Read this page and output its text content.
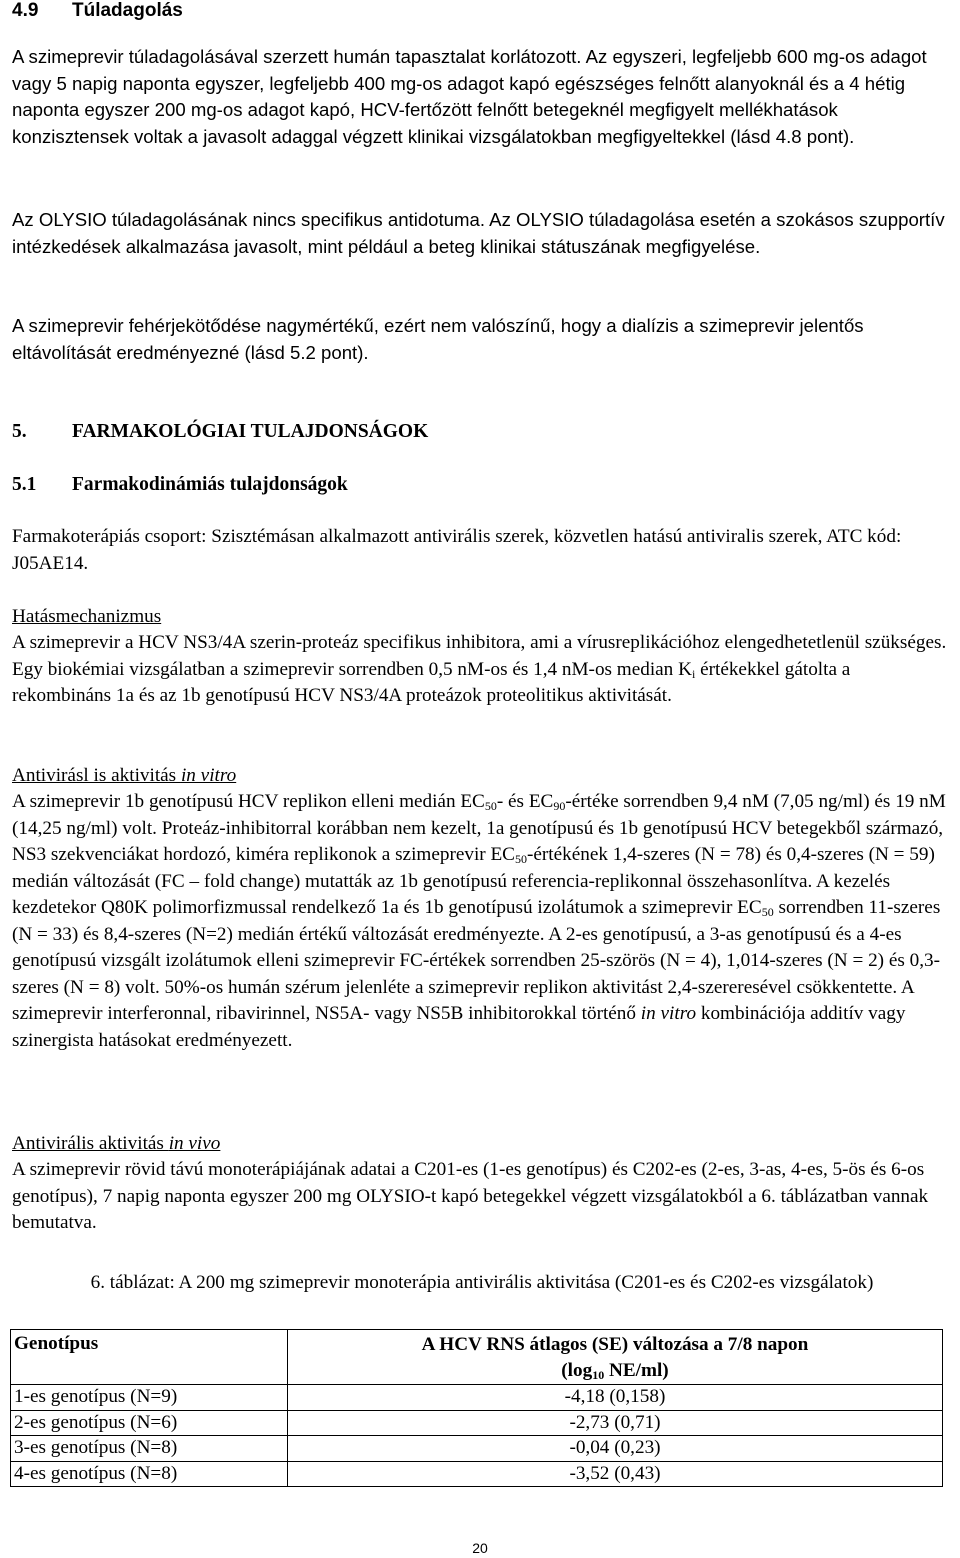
4.9 Túladagolás

A szimeprevir túladagolásával szerzett humán tapasztalat korlátozott. Az egyszeri, legfeljebb 600 mg-os adagot vagy 5 napig naponta egyszer, legfeljebb 400 mg-os adagot kapó egészséges felnőtt alanyoknál és a 4 hétig naponta egyszer 200 mg-os adagot kapó, HCV-fertőzött felnőtt betegeknél megfigyelt mellékhatások konzisztensek voltak a javasolt adaggal végzett klinikai vizsgálatokban megfigyeltekkel (lásd 4.8 pont).

Az OLYSIO túladagolásának nincs specifikus antidotuma. Az OLYSIO túladagolása esetén a szokásos szupportív intézkedések alkalmazása javasolt, mint például a beteg klinikai státuszának megfigyelése.

A szimeprevir fehérjekötődése nagymértékű, ezért nem valószínű, hogy a dialízis a szimeprevir jelentős eltávolítását eredményezné (lásd 5.2 pont).

5. FARMAKOLÓGIAI TULAJDONSÁGOK
5.1 Farmakodinámiás tulajdonságok

Farmakoterápiás csoport: Szisztémásan alkalmazott antivirális szerek, közvetlen hatású antiviralis szerek, ATC kód: J05AE14.

Hatásmechanizmus

A szimeprevir a HCV NS3/4A szerin-proteáz specifikus inhibitora, ami a vírusreplikációhoz elengedhetetlenül szükséges. Egy biokémiai vizsgálatban a szimeprevir sorrendben 0,5 nM-os és 1,4 nM-os median $K_i$ értékekkel gátolta a rekombináns 1a és az 1b genotípusú HCV NS3/4A proteázok proteolitikus aktivitását.

Antivirásl is aktivitás in vitro

A szimeprevir 1b genotípusú HCV replikon elleni medián $EC_{50}-$ és $EC_{90}$-értéke sorrendben 9,4 nM (7,05 ng/ml) és 19 nM (14,25 ng/ml) volt. Proteáz-inhibitorral korábban nem kezelt, 1a genotípusú és 1b genotípusú HCV betegekből származó, NS3 szekvenciákat hordozó, kiméra replikonok a szimeprevir $EC_{50}$-értékének 1,4-szeres (N = 78) és 0,4-szeres (N = 59) medián változását (FC – fold change) mutatták az 1b genotípusú referencia-replikonnal összehasonlítva. A kezelés kezdetekor Q80K polimorfizmussal rendelkező 1a és 1b genotípusú izolátumok a szimeprevir $EC_{50}$ sorrendben 11-szeres (N = 33) és 8,4-szeres (N=2) medián értékű változását eredményezte. A 2-es genotípusú, a 3-as genotípusú és a 4-es genotípusú vizsgált izolátumok elleni szimeprevir FC-értékek sorrendben 25-szörös (N = 4), 1,014-szeres (N = 2) és 0,3-szeres (N = 8) volt. 50%-os humán szérum jelenléte a szimeprevir replikon aktivitást 2,4-szereresével csökkentette. A szimeprevir interferonnal, ribavirinnel, NS5A- vagy NS5B inhibitorokkal történő in vitro kombinációja additív vagy szinergista hatásokat eredményezett.

Antivirális aktivitás in vivo

A szimeprevir rövid távú monoterápiájának adatai a C201-es (1-es genotípus) és C202-es (2-es, 3-as, 4-es, 5-ös és 6-os genotípus), 7 napig naponta egyszer 200 mg OLYSIO-t kapó betegekkel végzett vizsgálatokból a 6. táblázatban vannak bemutatva.

6. táblázat: A 200 mg szimeprevir monoterápia antivirális aktivitása (C201-es és C202-es vizsgálatok)

Genotípus	A HCV RNS átlagos (SE) változása a 7/8 napon
($\log_{10}$ NE/ml)
1-es genotípus (N=9)	-4,18 (0,158)
2-es genotípus (N=6)	-2,73 (0,71)
3-es genotípus (N=8)	-0,04 (0,23)
4-es genotípus (N=8)	-3,52 (0,43)
20
